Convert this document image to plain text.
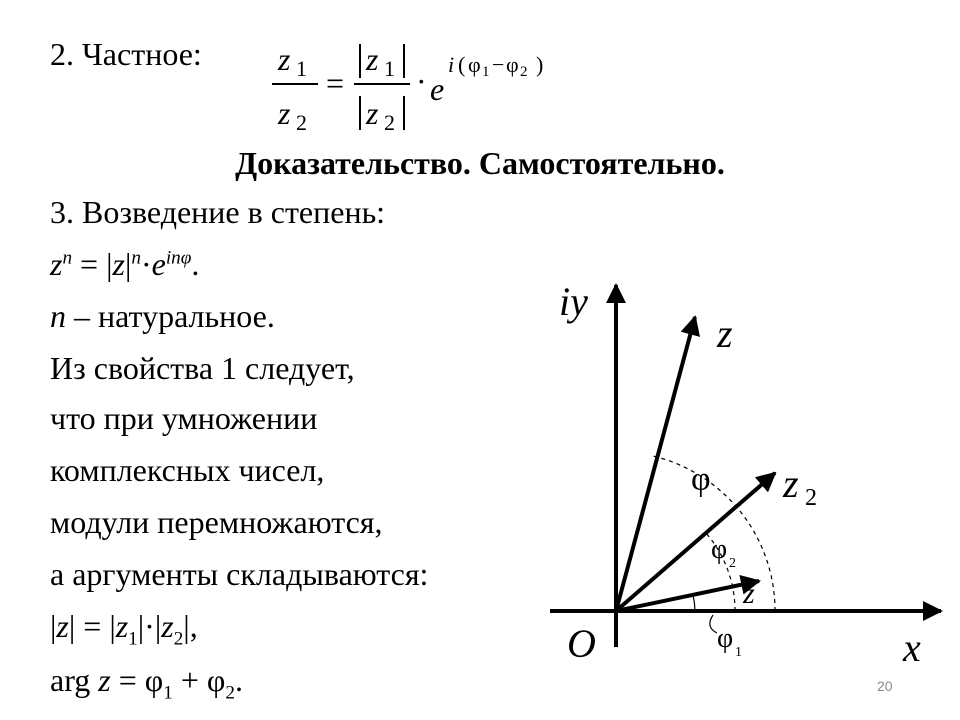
2. Частное: z 1
z 2
=
z 1
z 2
· e
i ( φ 1 − φ 2 )
Доказательство. Самостоятельно.
3. Возведение в степень:
$z^n = |z|^n\cdot e^{in\varphi}$.
n – натуральное.
Из свойства 1 следует,
что при умножении
комплексных чисел,
модули перемножаются,
а аргументы складываются:
$|z| = |z_1|\cdot|z_2|$,
arg $z = \varphi_1 + \varphi_2$.
iy
x
O
z
z 2
z
φ
φ 2
φ 1
20
